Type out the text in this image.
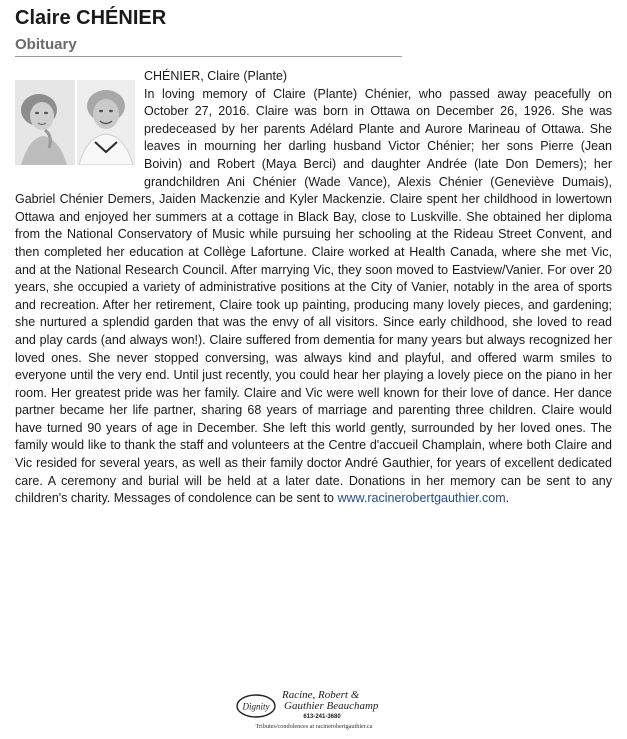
Claire CHÉNIER
Obituary

CHÉNIER, Claire (Plante)
In loving memory of Claire (Plante) Chénier, who passed away peacefully on October 27, 2016. Claire was born in Ottawa on December 26, 1926. She was predeceased by her parents Adélard Plante and Aurore Marineau of Ottawa. She leaves in mourning her darling husband Victor Chénier; her sons Pierre (Jean Boivin) and Robert (Maya Berci) and daughter Andrée (late Don Demers); her grandchildren Ani Chénier (Wade Vance), Alexis Chénier (Geneviève Dumais), Gabriel Chénier Demers, Jaiden Mackenzie and Kyler Mackenzie. Claire spent her childhood in lowertown Ottawa and enjoyed her summers at a cottage in Black Bay, close to Luskville. She obtained her diploma from the National Conservatory of Music while pursuing her schooling at the Rideau Street Convent, and then completed her education at Collège Lafortune. Claire worked at Health Canada, where she met Vic, and at the National Research Council. After marrying Vic, they soon moved to Eastview/Vanier. For over 20 years, she occupied a variety of administrative positions at the City of Vanier, notably in the area of sports and recreation. After her retirement, Claire took up painting, producing many lovely pieces, and gardening; she nurtured a splendid garden that was the envy of all visitors. Since early childhood, she loved to read and play cards (and always won!). Claire suffered from dementia for many years but always recognized her loved ones. She never stopped conversing, was always kind and playful, and offered warm smiles to everyone until the very end. Until just recently, you could hear her playing a lovely piece on the piano in her room. Her greatest pride was her family. Claire and Vic were well known for their love of dance. Her dance partner became her life partner, sharing 68 years of marriage and parenting three children. Claire would have turned 90 years of age in December. She left this world gently, surrounded by her loved ones. The family would like to thank the staff and volunteers at the Centre d'accueil Champlain, where both Claire and Vic resided for several years, as well as their family doctor André Gauthier, for years of excellent dedicated care. A ceremony and burial will be held at a later date. Donations in her memory can be sent to any children's charity. Messages of condolence can be sent to www.racinerobertgauthier.com.

Dignity
Racine, Robert &
Gauthier Beauchamp
613-241-3680
Tributes/condolences at racinerobertgauthier.ca
